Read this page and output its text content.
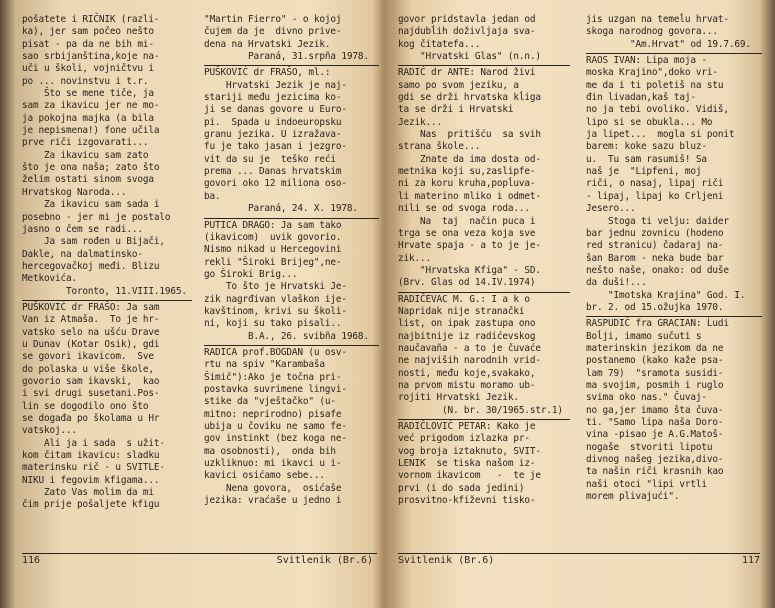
pošatete i RIČNIK (razli-
ka), jer sam počeo nešto
pisat - pa da ne bih mi-
sao srbijanština,koje na-
uči u školi, vojničtvu i
po ... novinstvu i t.r.
Što se mene tiče, ja
sam za ikavicu jer ne mo-
ja pokojna majka (a bila
je nepismena!) fone učila
prve riči izgovarati...
Za ikavicu sam zato
što je ona naša; zato što
želim ostati sinom svoga
Hrvatskog Naroda...
Za ikavicu sam sada i
posebno - jer mi je postalo
jasno o čem se radi...
Ja sam rođen u Bijači,
Dakle, na dalmatinsko-
hercegovačkoj međi. Blizu
Metkovića.
Toronto, 11.VIII.1965.

PUŠKOVIĆ dr FRAŠO: Ja sam
Van iz Atmaša.  To je hr-
vatsko selo na ušću Drave
u Dunav (Kotar Osik), gdi
se govori ikavicom.  Sve
do polaska u više škole,
govorio sam ikavski,  kao
i svi drugi susetani.Pos-
lin se dogodilo ono što
se događa po školama u Hr
vatskoj...
Ali ja i sada  s užit-
kom čitam ikavicu: sladku
materinsku rič - u SVITLE-
NIKU i fegovim kfigama...
Zato Vas molim da mi
čim prije pošaljete kfigu

"Martin Fierro" - o kojoj
čujem da je  divno prive-
dena na Hrvatski Jezik.
Paraná, 31.srpña 1978.

PUŠKOVIĆ dr FRAŠO, ml.:
Hrvatski Jezik je naj-
stariji među jezicima ko-
ji se danas govore u Euro-
pi.  Spada u indoeuropsku
granu jezika. U izražava-
fu je tako jasan i jezgro-
vit da su je  teško reći
prema ... Danas hrvatskim
govori oko 12 miliona oso-
ba.
Paraná, 24. X. 1978.

PUTICA DRAGO: Ja sam tako
(ikavicom)  uvik govorio.
Nismo nikad u Hercegovini
rekli "Široki Brijeg",ne-
go Široki Brig...
To što je Hrvatski Je-
zik nagrđivan vlaškon ije-
kavštinom, krivi su školi-
ni, koji su tako pisali..
B.A., 26. svibña 1968.

RADICA prof.BOGDAN (u osv-
rtu na spiv "Karambaša
Šimič"):Ako je točna pri-
postavka suvrimene lingvi-
stike da "vještačko" (u-
mitno: neprirodno) pisafe
ubija u čoviku ne samo fe-
gov instinkt (bez koga ne-
ma osobnosti),  onda bih
uzkliknuo: mi ikavci u i-
kavici osićamo sebe...
Nena govora,  osićaše
jezika: vraćaše u jedno i

116	Svitlenik (Br.6)

govor pridstavla jedan od
najdubĺih doživljaja sva-
kog čitatefa...
"Hrvatski Glas" (n.n.)

RADIĆ dr ANTE: Narod živi
samo po svom jeziku, a
gdi se drži hrvatska kĺiga
ta se drži i Hrvatski
Jezik...
Nas  pritišću  sa svih
strana škole...
Znate da ima dosta od-
metnika koji su,zaslipfe-
ni za koru kruha,popĺuva-
li materino mliko i odmet-
nili se od svoga roda...
Na  taj  način puca i
trga se ona veza koja sve
Hrvate spaja - a to je je-
zik...
"Hrvatska Kfiga" - SD.
(Brv. Glas od 14.IV.1974)

RADIČEVAC M. G.: I a k o
Napridak nije stranački
list, on ipak zastupa ono
najbitnije iz radićevskog
naučavaña - a to je čuvaće
ne najviših narodnih vrid-
nosti, među koje,svakako,
na prvom mistu moramo ub-
rojiti Hrvatski Jezik.
(N. br. 30/1965.str.1)

RADIČLOVIĆ PETAR: Kako je
već prigodom izlazka pr-
vog broja iztaknuto, SVIT-
LENIK  se tiska našom iz-
vornom ikavicom   -  te je
prvi (i do sada jedini)
prosvitno-kfiževni tisko-

jis uzgan na temeĺu hrvat-
skoga narodnog govora...
"Am.Hrvat" od 19.7.69.

RAOS IVAN: Lipa moja -
moska Krajino",doko vri-
me da i ti poletiš na stu
đin livadan,kaš taj-
no ja tebi ovoliko. Vidiš,
lipo si se obukla... Mo
ja lipet...  mogla si ponit
barem: koke sazu bluz-
u.  Tu sam rasumiš! Sa
naš je  "Lipfeni, moj
riči, o nasaj, lipaj riči
- lipaj, lipaj ko Crljeni
Jesero...
Stoga ti velju: daider
bar jednu zovnicu (hodeno
red stranicu) čadaraj na-
šan Barom - neka bude bar
nešto naše, onako: od duše
da duši!...
"Imotska Krajina" God. I.
br. 2. od 15.ožujka 1970.

RASPUDIĆ fra GRACIAN: Ĺudi
Boĺji, imamo sučuti s
materinskin jezikom da ne
postanemo (kako kaže psa-
lam 79)  "sramota susidi-
ma svojim, posmih i ruglo
svima oko nas." Čuvaj-
no ga,jer imamo šta čuva-
ti. "Samo lipa naša Doro-
vina -pisao je A.G.Matoš-
nogaše  stvoriti lipotu
divnog našeg jezika,divo-
ta našin riči krasnih kao
naši otoci "lipi vrtli
morem plivajući".

Svitlenik (Br.6)	117
